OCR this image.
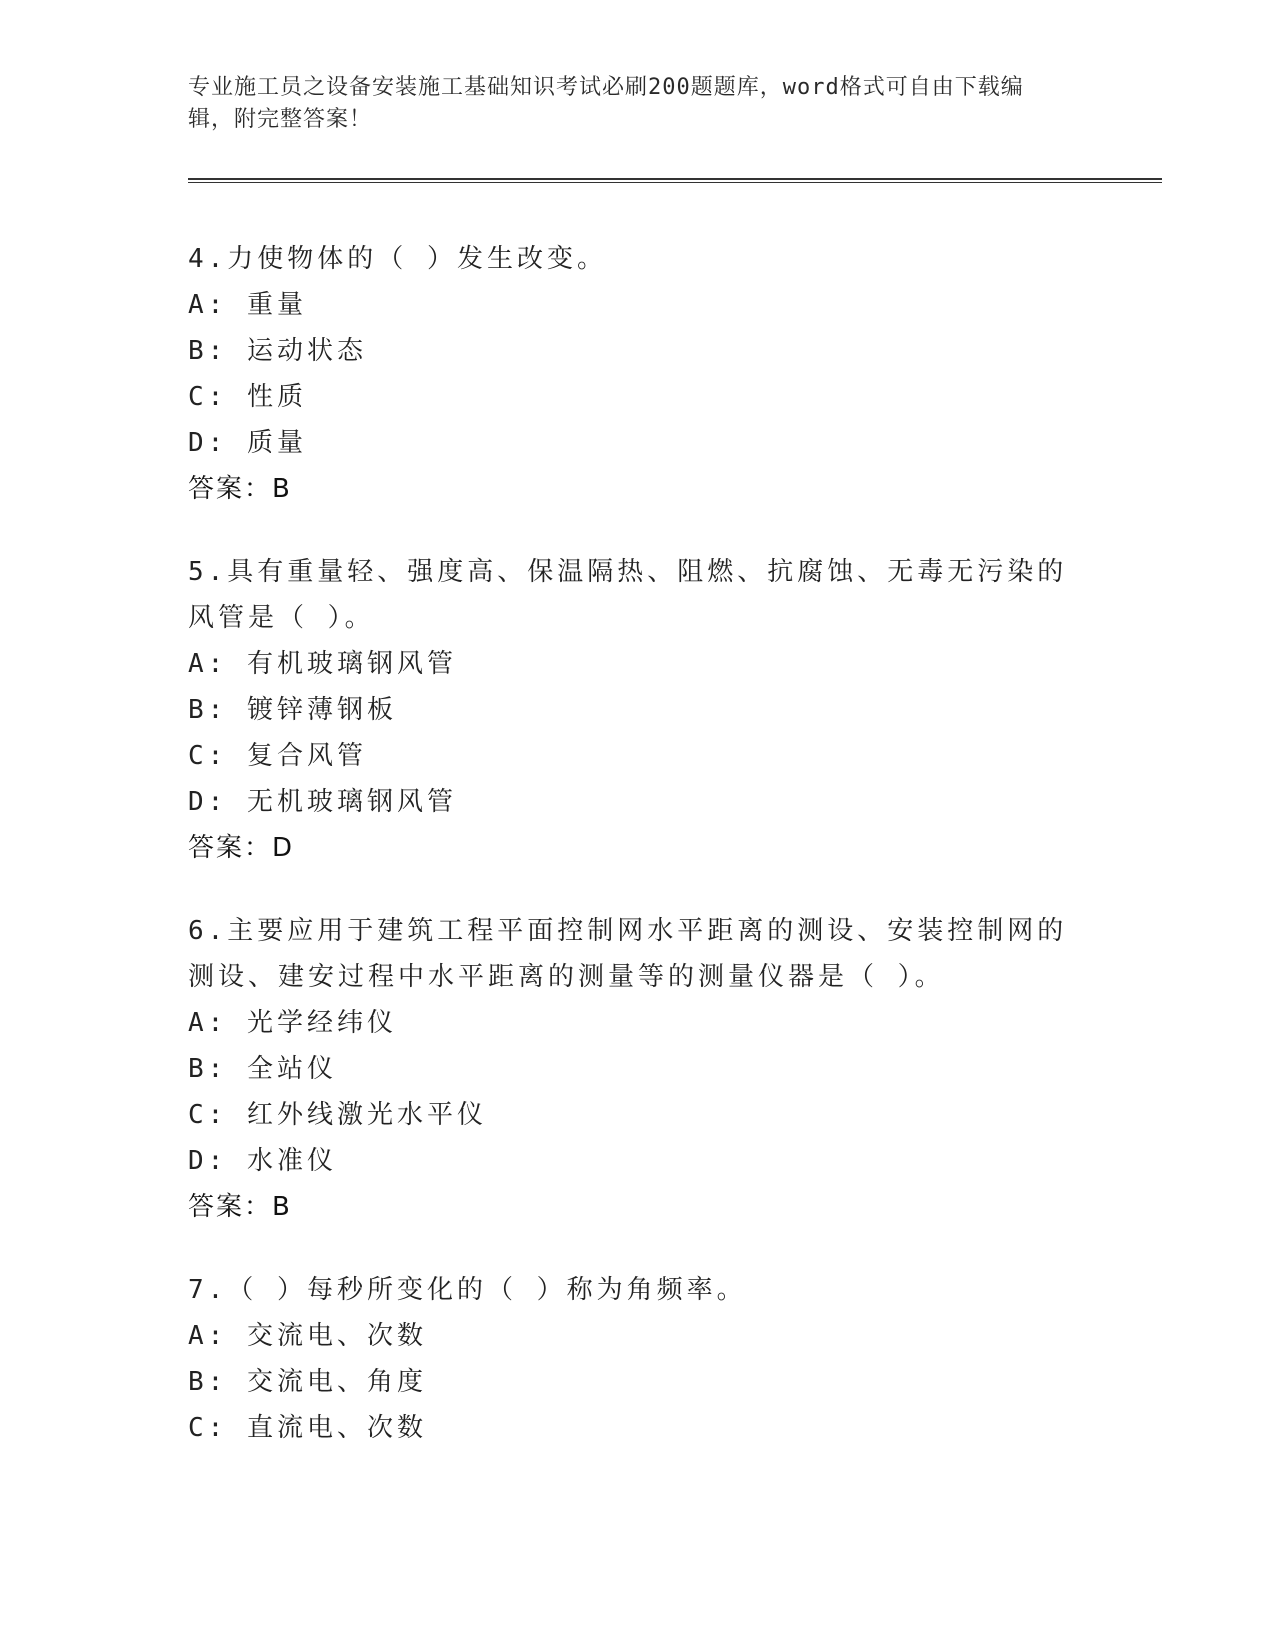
专业施工员之设备安装施工基础知识考试必刷200题题库，word格式可自由下载编辑，附完整答案！
4.力使物体的（ ）发生改变。
A: 重量
B: 运动状态
C: 性质
D: 质量
答案：B
5.具有重量轻、强度高、保温隔热、阻燃、抗腐蚀、无毒无污染的风管是（ ）。
A: 有机玻璃钢风管
B: 镀锌薄钢板
C: 复合风管
D: 无机玻璃钢风管
答案：D
6.主要应用于建筑工程平面控制网水平距离的测设、安装控制网的测设、建安过程中水平距离的测量等的测量仪器是（ ）。
A: 光学经纬仪
B: 全站仪
C: 红外线激光水平仪
D: 水准仪
答案：B
7.（ ）每秒所变化的（ ）称为角频率。
A: 交流电、次数
B: 交流电、角度
C: 直流电、次数
